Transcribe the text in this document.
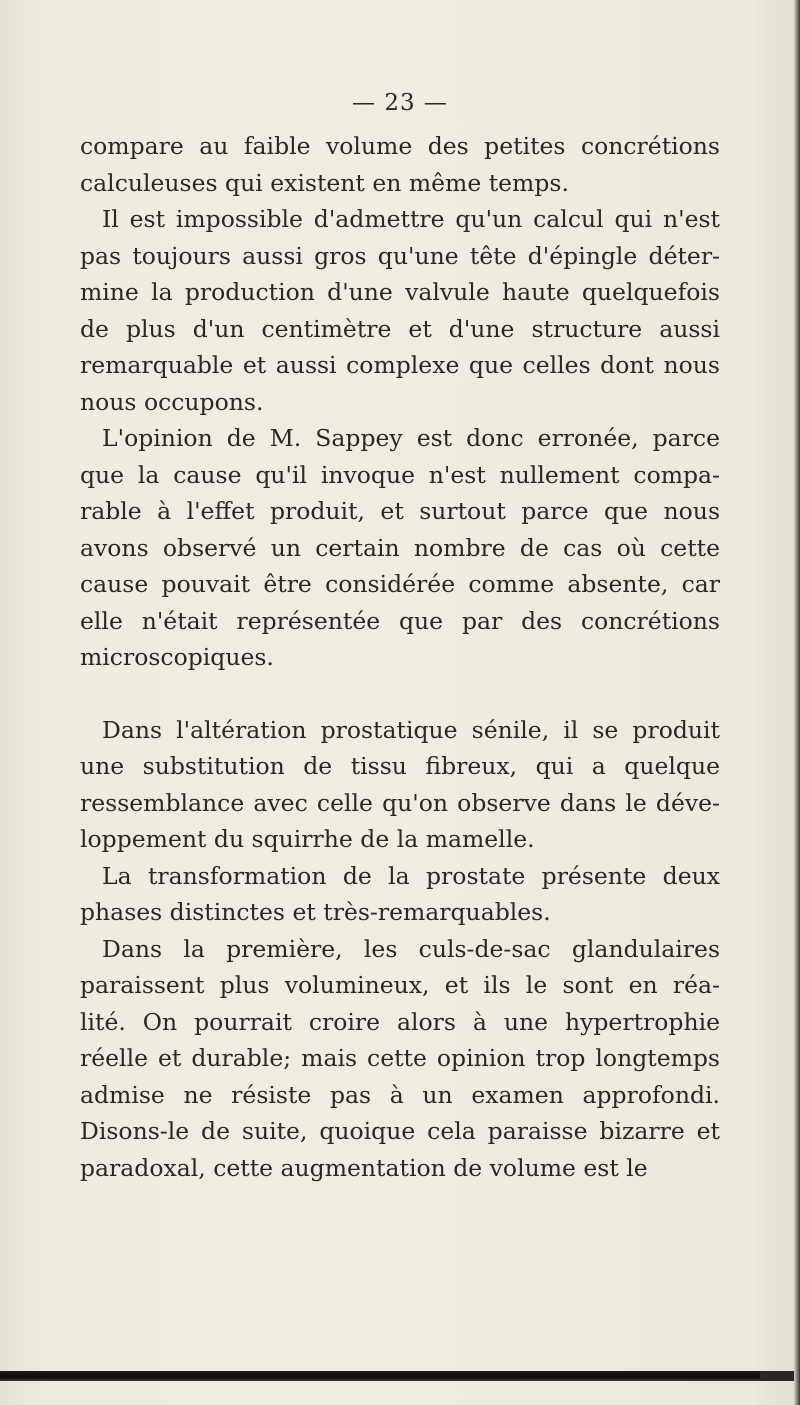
— 23 —
compare au faible volume des petites concrétions
calculeuses qui existent en même temps.
Il est impossible d'admettre qu'un calcul qui n'est
pas toujours aussi gros qu'une tête d'épingle déter-
mine la production d'une valvule haute quelquefois
de plus d'un centimètre et d'une structure aussi
remarquable et aussi complexe que celles dont nous
nous occupons.
L'opinion de M. Sappey est donc erronée, parce
que la cause qu'il invoque n'est nullement compa-
rable à l'effet produit, et surtout parce que nous
avons observé un certain nombre de cas où cette
cause pouvait être considérée comme absente, car
elle n'était représentée que par des concrétions
microscopiques.
Dans l'altération prostatique sénile, il se produit
une substitution de tissu fibreux, qui a quelque
ressemblance avec celle qu'on observe dans le déve-
loppement du squirrhe de la mamelle.
La transformation de la prostate présente deux
phases distinctes et très-remarquables.
Dans la première, les culs-de-sac glandulaires
paraissent plus volumineux, et ils le sont en réa-
lité. On pourrait croire alors à une hypertrophie
réelle et durable; mais cette opinion trop longtemps
admise ne résiste pas à un examen approfondi.
Disons-le de suite, quoique cela paraisse bizarre et
paradoxal, cette augmentation de volume est le
